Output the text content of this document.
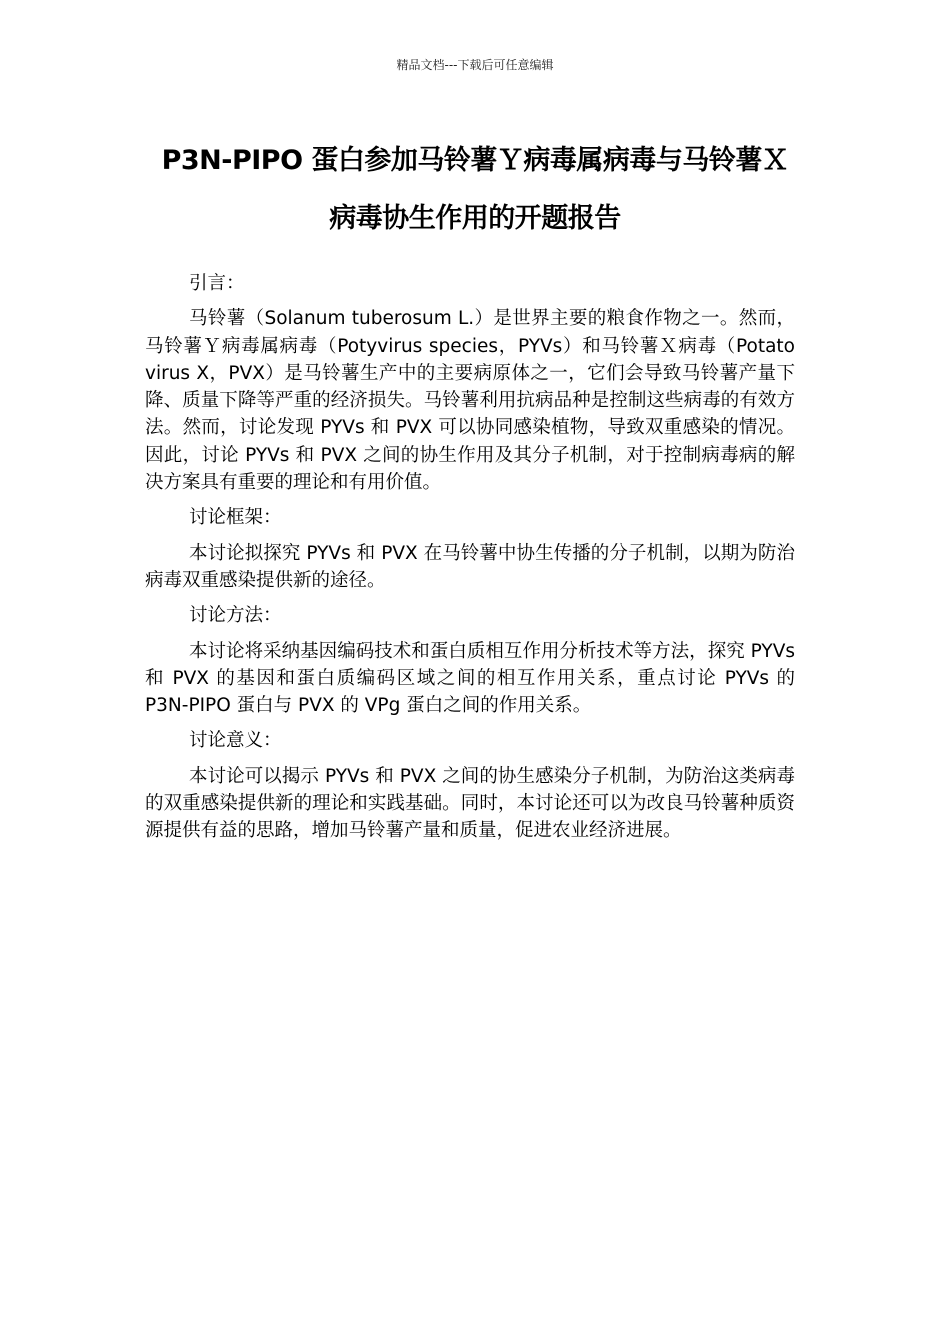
精品文档---下载后可任意编辑
P3N-PIPO 蛋白参加马铃薯Ｙ病毒属病毒与马铃薯Ｘ
病毒协生作用的开题报告

引言：

马铃薯（Solanum tuberosum L.）是世界主要的粮食作物之一。然而，马铃薯Ｙ病毒属病毒（Potyvirus species，PYVs）和马铃薯Ｘ病毒（Potato virus X，PVX）是马铃薯生产中的主要病原体之一，它们会导致马铃薯产量下降、质量下降等严重的经济损失。马铃薯利用抗病品种是控制这些病毒的有效方法。然而，讨论发现 PYVs 和 PVX 可以协同感染植物，导致双重感染的情况。因此，讨论 PYVs 和 PVX 之间的协生作用及其分子机制，对于控制病毒病的解决方案具有重要的理论和有用价值。

讨论框架：

本讨论拟探究 PYVs 和 PVX 在马铃薯中协生传播的分子机制，以期为防治病毒双重感染提供新的途径。

讨论方法：

本讨论将采纳基因编码技术和蛋白质相互作用分析技术等方法，探究 PYVs 和 PVX 的基因和蛋白质编码区域之间的相互作用关系，重点讨论 PYVs 的 P3N-PIPO 蛋白与 PVX 的 VPg 蛋白之间的作用关系。

讨论意义：

本讨论可以揭示 PYVs 和 PVX 之间的协生感染分子机制，为防治这类病毒的双重感染提供新的理论和实践基础。同时，本讨论还可以为改良马铃薯种质资源提供有益的思路，增加马铃薯产量和质量，促进农业经济进展。
